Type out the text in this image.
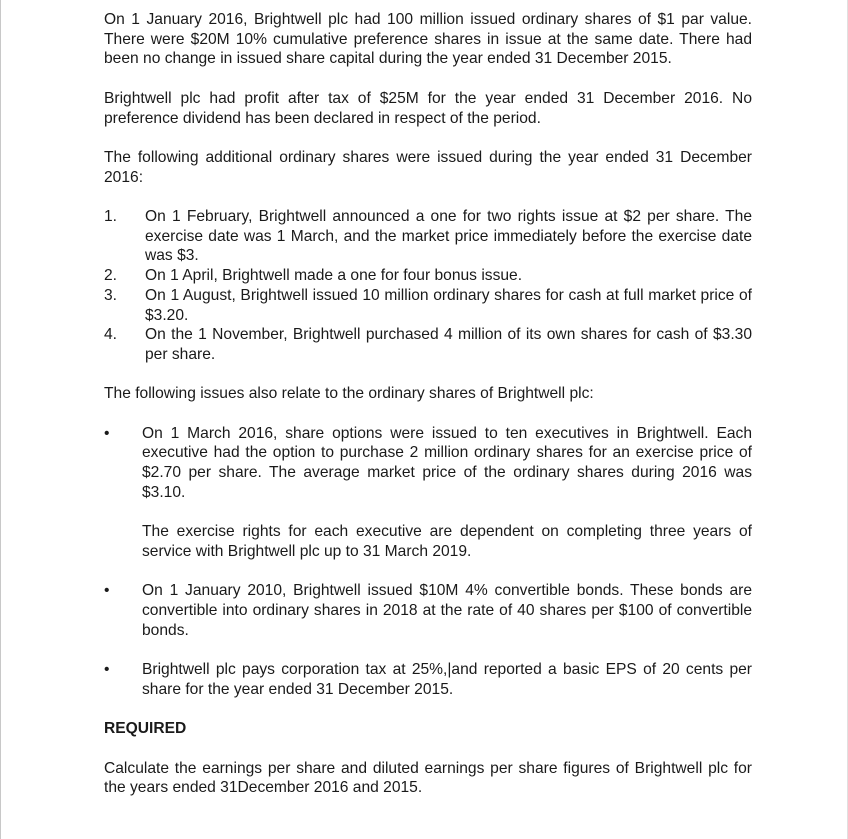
On 1 January 2016, Brightwell plc had 100 million issued ordinary shares of $1 par value. There were $20M 10% cumulative preference shares in issue at the same date. There had been no change in issued share capital during the year ended 31 December 2015.

Brightwell plc had profit after tax of $25M for the year ended 31 December 2016. No preference dividend has been declared in respect of the period.

The following additional ordinary shares were issued during the year ended 31 December 2016:

1. On 1 February, Brightwell announced a one for two rights issue at $2 per share. The exercise date was 1 March, and the market price immediately before the exercise date was $3.
2. On 1 April, Brightwell made a one for four bonus issue.
3. On 1 August, Brightwell issued 10 million ordinary shares for cash at full market price of $3.20.
4. On the 1 November, Brightwell purchased 4 million of its own shares for cash of $3.30 per share.

The following issues also relate to the ordinary shares of Brightwell plc:

• On 1 March 2016, share options were issued to ten executives in Brightwell. Each executive had the option to purchase 2 million ordinary shares for an exercise price of $2.70 per share. The average market price of the ordinary shares during 2016 was $3.10.

The exercise rights for each executive are dependent on completing three years of service with Brightwell plc up to 31 March 2019.

• On 1 January 2010, Brightwell issued $10M 4% convertible bonds. These bonds are convertible into ordinary shares in 2018 at the rate of 40 shares per $100 of convertible bonds.

• Brightwell plc pays corporation tax at 25%,|and reported a basic EPS of 20 cents per share for the year ended 31 December 2015.

REQUIRED

Calculate the earnings per share and diluted earnings per share figures of Brightwell plc for the years ended 31December 2016 and 2015.
